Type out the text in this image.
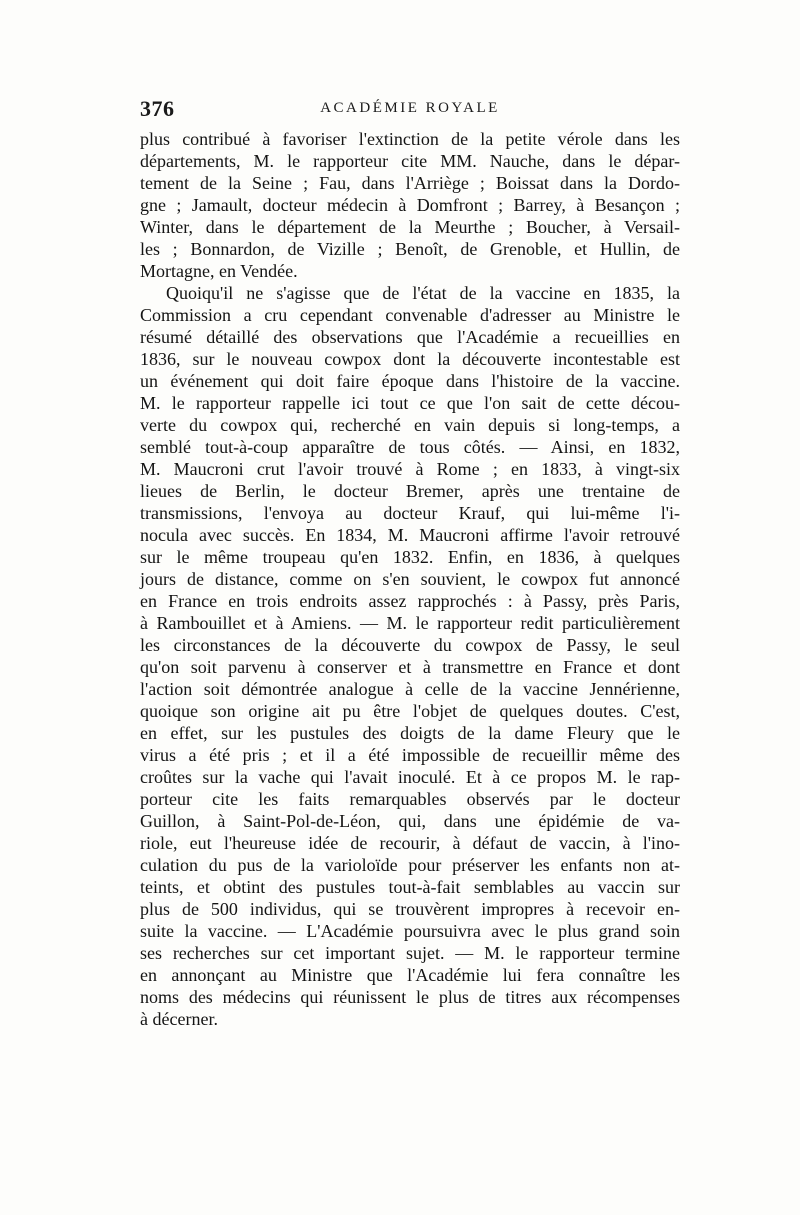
376	ACADÉMIE ROYALE
plus contribué à favoriser l'extinction de la petite vérole dans les
départements, M. le rapporteur cite MM. Nauche, dans le dépar-
tement de la Seine ; Fau, dans l'Arriège ; Boissat dans la Dordo-
gne ; Jamault, docteur médecin à Domfront ; Barrey, à Besançon ;
Winter, dans le département de la Meurthe ; Boucher, à Versail-
les ; Bonnardon, de Vizille ; Benoît, de Grenoble, et Hullin, de
Mortagne, en Vendée.
Quoiqu'il ne s'agisse que de l'état de la vaccine en 1835, la
Commission a cru cependant convenable d'adresser au Ministre le
résumé détaillé des observations que l'Académie a recueillies en
1836, sur le nouveau cowpox dont la découverte incontestable est
un événement qui doit faire époque dans l'histoire de la vaccine.
M. le rapporteur rappelle ici tout ce que l'on sait de cette décou-
verte du cowpox qui, recherché en vain depuis si long-temps, a
semblé tout-à-coup apparaître de tous côtés. — Ainsi, en 1832,
M. Maucroni crut l'avoir trouvé à Rome ; en 1833, à vingt-six
lieues de Berlin, le docteur Bremer, après une trentaine de
transmissions, l'envoya au docteur Krauf, qui lui-même l'i-
nocula avec succès. En 1834, M. Maucroni affirme l'avoir retrouvé
sur le même troupeau qu'en 1832. Enfin, en 1836, à quelques
jours de distance, comme on s'en souvient, le cowpox fut annoncé
en France en trois endroits assez rapprochés : à Passy, près Paris,
à Rambouillet et à Amiens. — M. le rapporteur redit particulièrement
les circonstances de la découverte du cowpox de Passy, le seul
qu'on soit parvenu à conserver et à transmettre en France et dont
l'action soit démontrée analogue à celle de la vaccine Jennérienne,
quoique son origine ait pu être l'objet de quelques doutes. C'est,
en effet, sur les pustules des doigts de la dame Fleury que le
virus a été pris ; et il a été impossible de recueillir même des
croûtes sur la vache qui l'avait inoculé. Et à ce propos M. le rap-
porteur cite les faits remarquables observés par le docteur
Guillon, à Saint-Pol-de-Léon, qui, dans une épidémie de va-
riole, eut l'heureuse idée de recourir, à défaut de vaccin, à l'ino-
culation du pus de la varioloïde pour préserver les enfants non at-
teints, et obtint des pustules tout-à-fait semblables au vaccin sur
plus de 500 individus, qui se trouvèrent impropres à recevoir en-
suite la vaccine. — L'Académie poursuivra avec le plus grand soin
ses recherches sur cet important sujet. — M. le rapporteur termine
en annonçant au Ministre que l'Académie lui fera connaître les
noms des médecins qui réunissent le plus de titres aux récompenses
à décerner.
